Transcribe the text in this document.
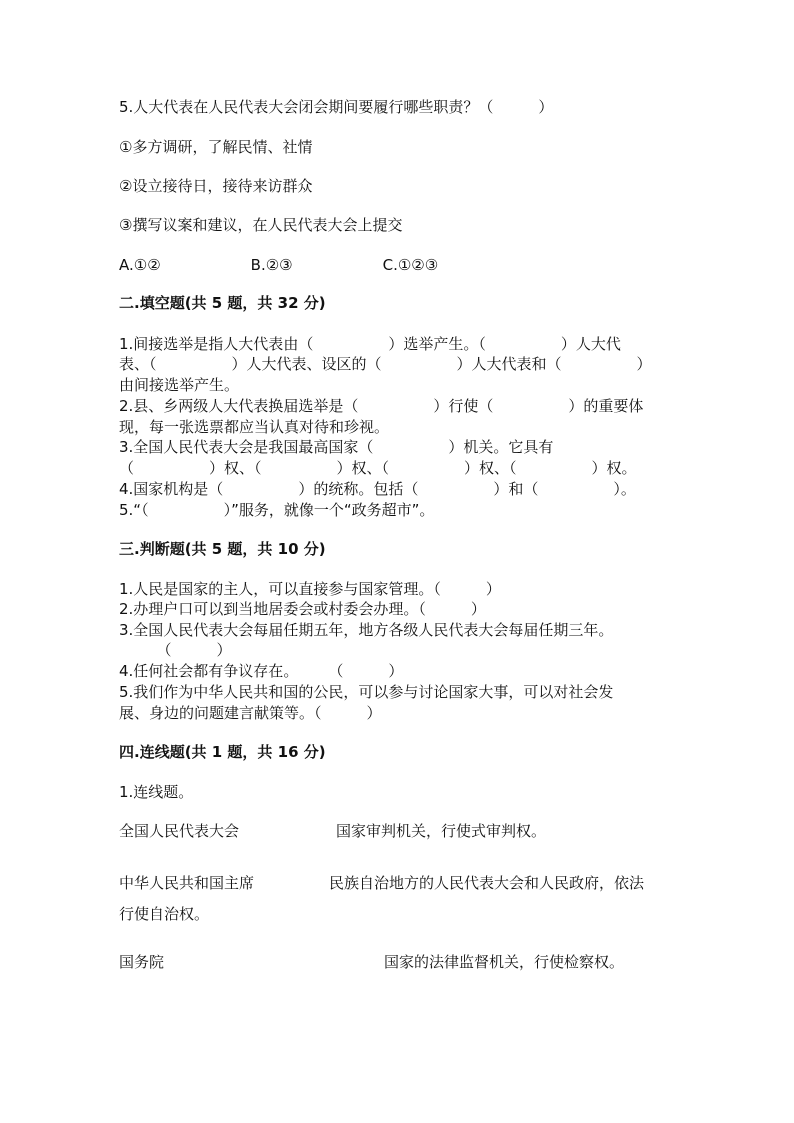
5.人大代表在人民代表大会闭会期间要履行哪些职责？（　　　）

①多方调研，了解民情、社情

②设立接待日，接待来访群众

③撰写议案和建议，在人民代表大会上提交

A.①②　　　　　　B.②③　　　　　　C.①②③

二.填空题(共 5 题，共 32 分)

1.间接选举是指人大代表由（　　　　　）选举产生。（　　　　　）人大代

表、（　　　　　）人大代表、设区的（　　　　　）人大代表和（　　　　　）

由间接选举产生。

2.县、乡两级人大代表换届选举是（　　　　　）行使（　　　　　）的重要体

现，每一张选票都应当认真对待和珍视。

3.全国人民代表大会是我国最高国家（　　　　　）机关。它具有

（　　　　　）权、（　　　　　）权、（　　　　　）权、（　　　　　）权。

4.国家机构是（　　　　　）的统称。包括（　　　　　）和（　　　　　）。

5.“（　　　　　）”服务，就像一个“政务超市”。

三.判断题(共 5 题，共 10 分)

1.人民是国家的主人，可以直接参与国家管理。（　　　）

2.办理户口可以到当地居委会或村委会办理。（　　　）

3.全国人民代表大会每届任期五年，地方各级人民代表大会每届任期三年。

　　　（　　　）

4.任何社会都有争议存在。　　　（　　　）

5.我们作为中华人民共和国的公民，可以参与讨论国家大事，可以对社会发

展、身边的问题建言献策等。（　　　）

四.连线题(共 1 题，共 16 分)

1.连线题。

全国人民代表大会	国家审判机关，行使式审判权。
中华人民共和国主席	民族自治地方的人民代表大会和人民政府，依法
行使自治权。
国务院	国家的法律监督机关，行使检察权。
